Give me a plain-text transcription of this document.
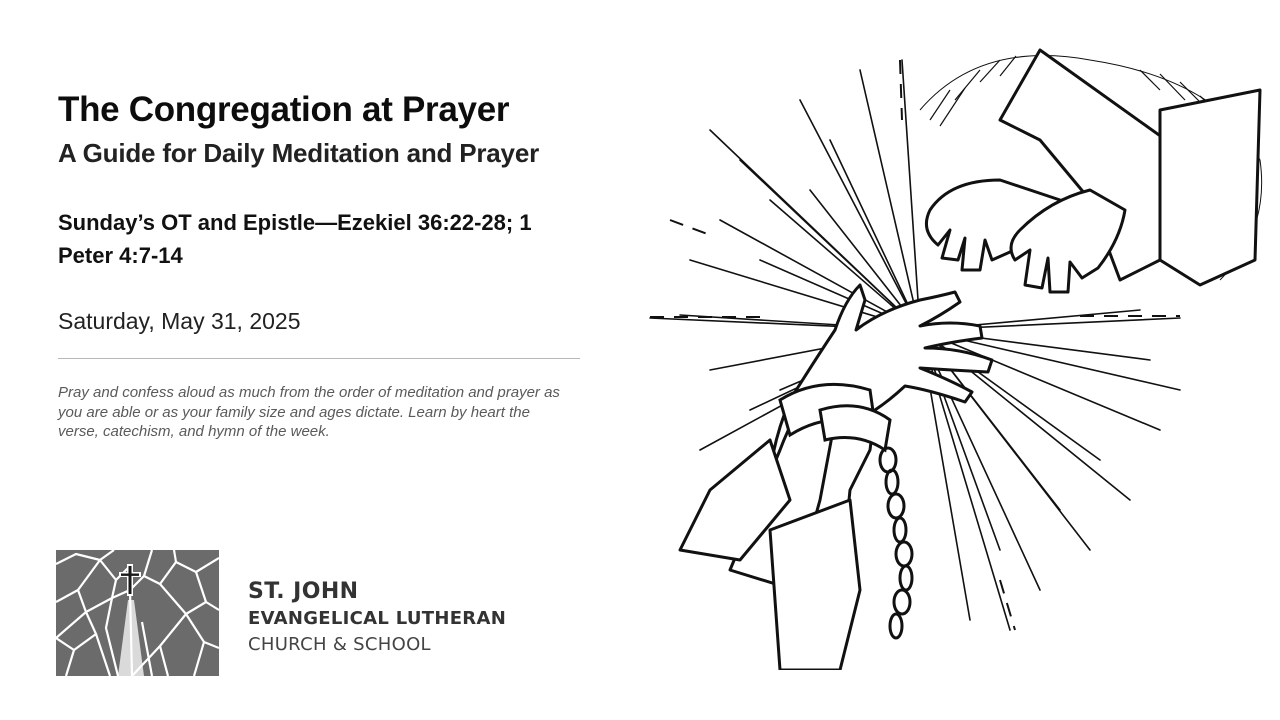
The Congregation at Prayer
A Guide for Daily Meditation and Prayer

Sunday’s OT and Epistle—Ezekiel 36:22-28; 1 Peter 4:7-14

Saturday, May 31, 2025

Pray and confess aloud as much from the order of meditation and prayer as you are able or as your family size and ages dictate. Learn by heart the verse, catechism, and hymn of the week.

ST. JOHN
EVANGELICAL LUTHERAN
CHURCH & SCHOOL
